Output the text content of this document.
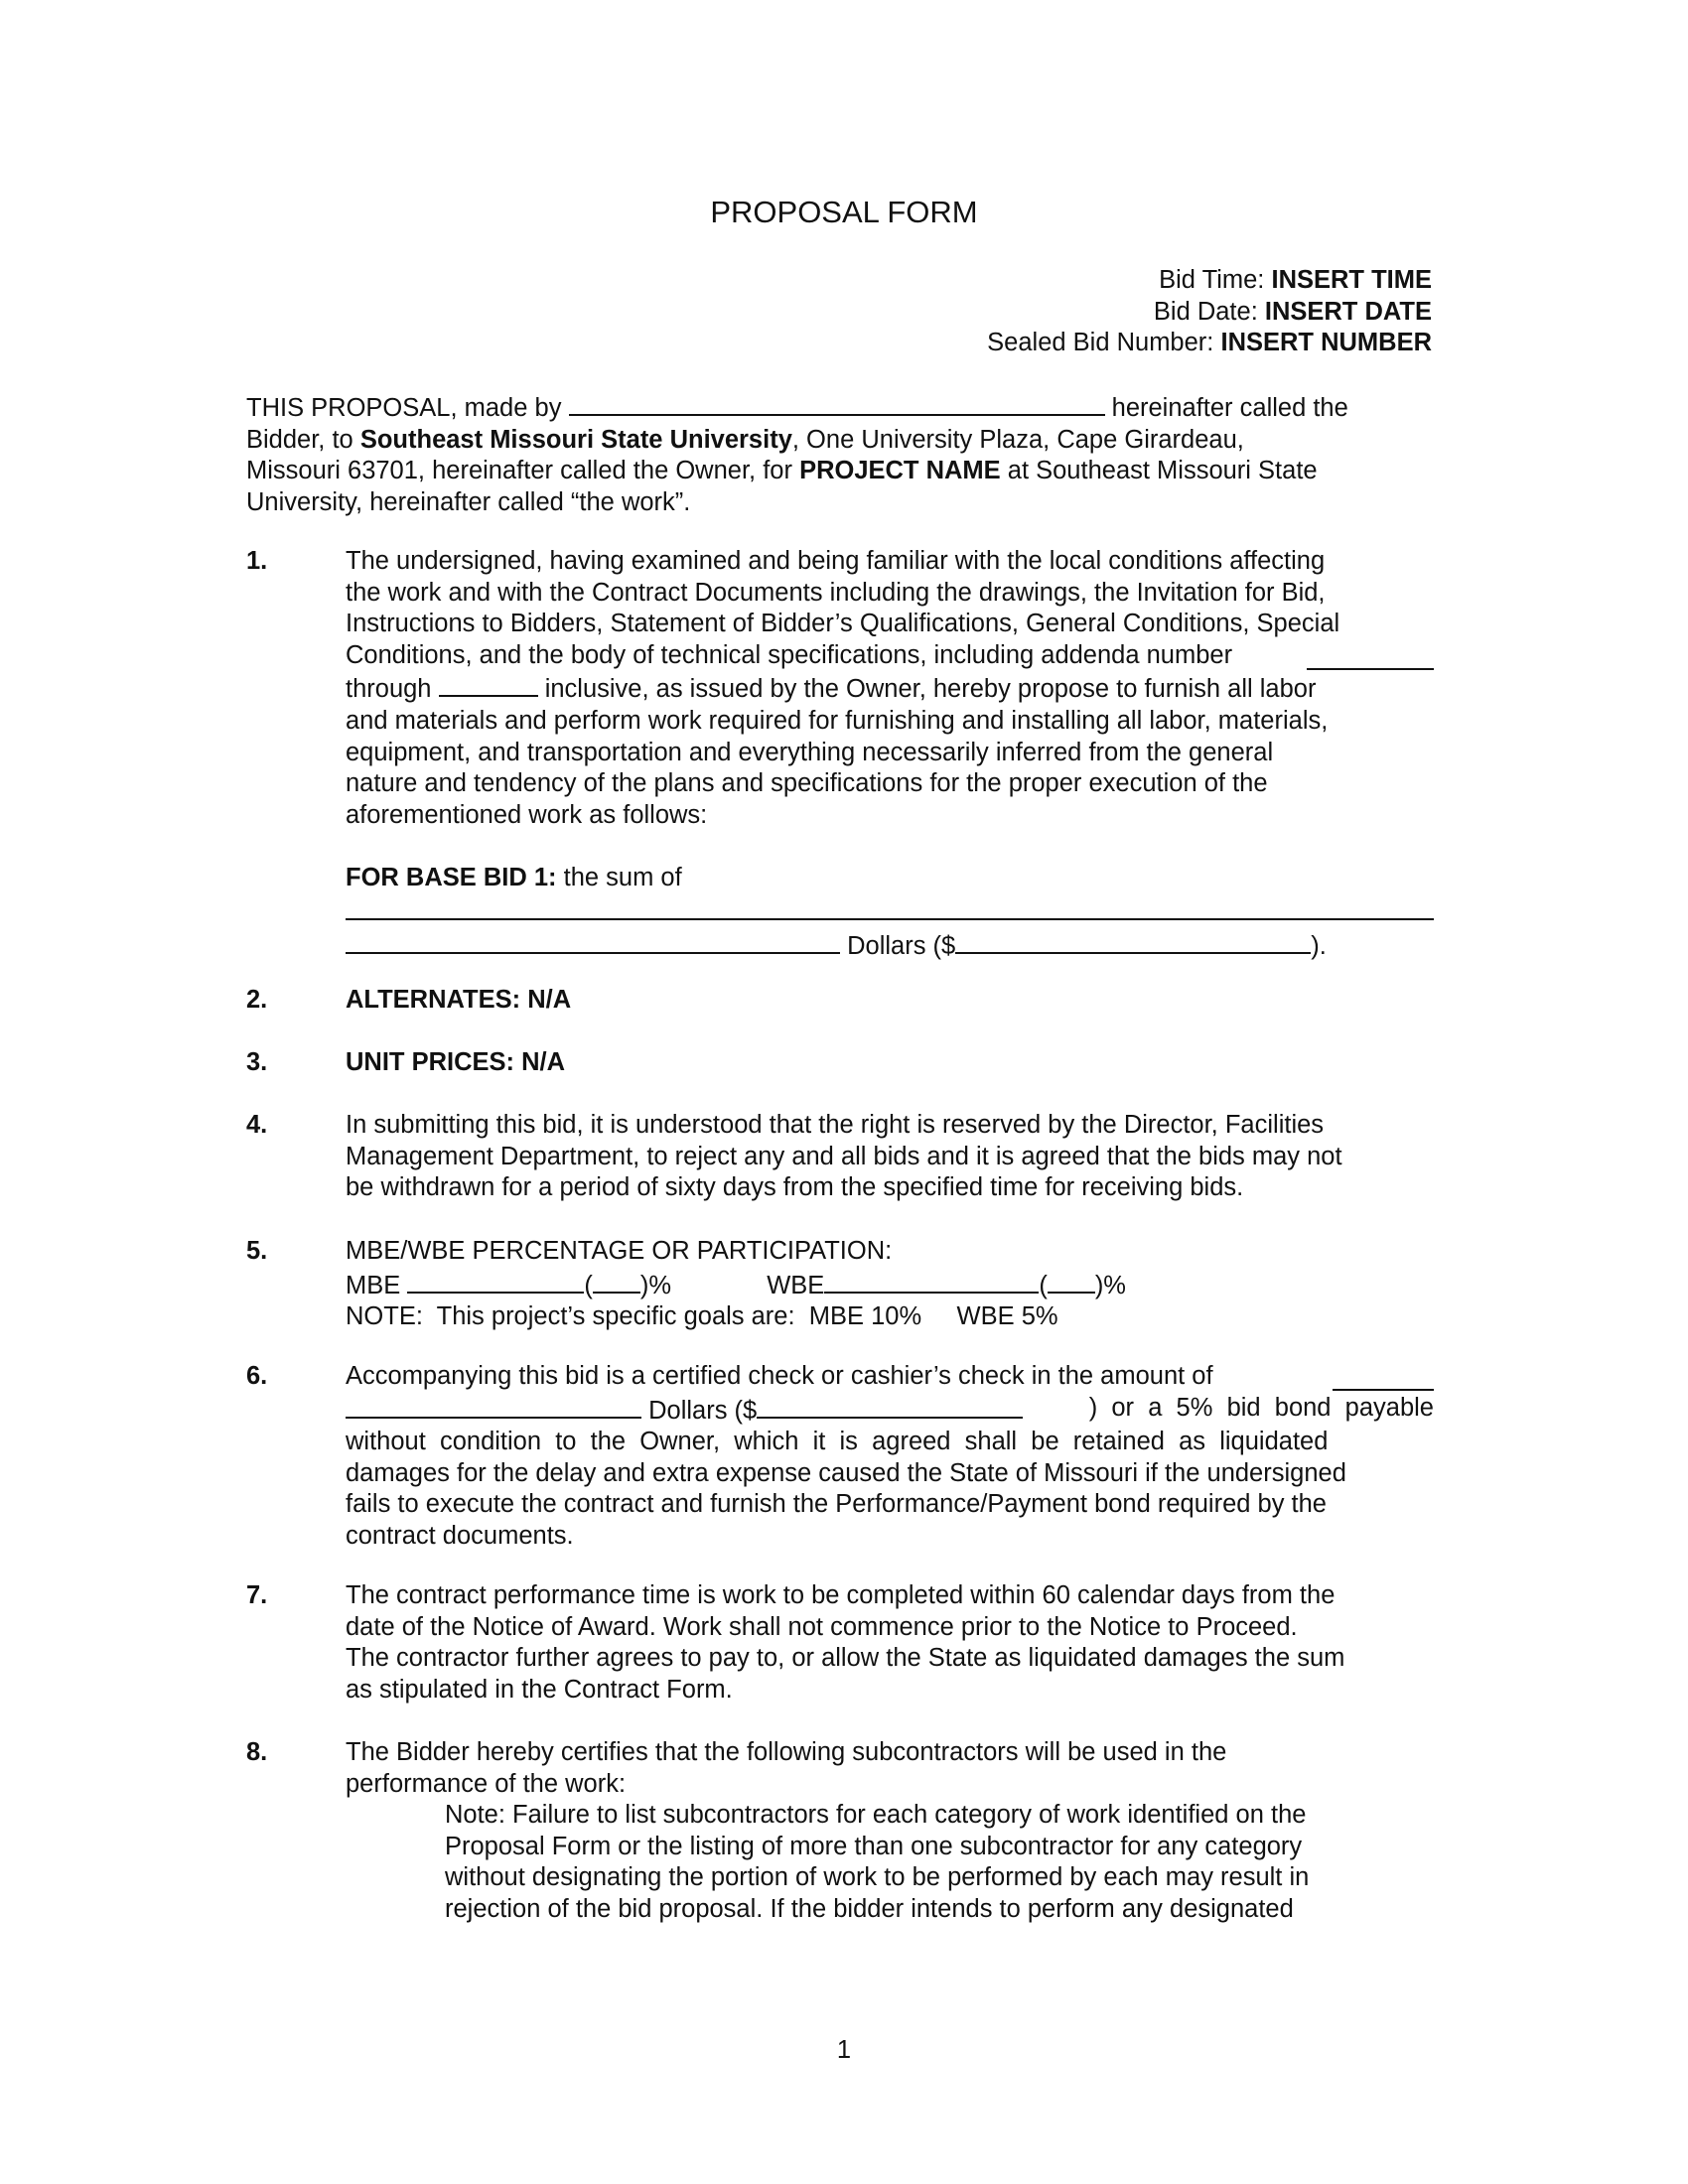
PROPOSAL FORM
Bid Time: INSERT TIME
Bid Date: INSERT DATE
Sealed Bid Number: INSERT NUMBER
THIS PROPOSAL, made by	hereinafter called the
Bidder, to Southeast Missouri State University, One University Plaza, Cape Girardeau,
Missouri 63701, hereinafter called the Owner, for PROJECT NAME at Southeast Missouri State
University, hereinafter called “the work”.
1.	The undersigned, having examined and being familiar with the local conditions affecting
the work and with the Contract Documents including the drawings, the Invitation for Bid,
Instructions to Bidders, Statement of Bidder’s Qualifications, General Conditions, Special
Conditions, and the body of technical specifications, including addenda number
through	inclusive, as issued by the Owner, hereby propose to furnish all labor
and materials and perform work required for furnishing and installing all labor, materials,
equipment, and transportation and everything necessarily inferred from the general
nature and tendency of the plans and specifications for the proper execution of the
aforementioned work as follows:
FOR BASE BID 1: the sum of
Dollars ($	).
2.	ALTERNATES: N/A
3.	UNIT PRICES: N/A
4.	In submitting this bid, it is understood that the right is reserved by the Director, Facilities
Management Department, to reject any and all bids and it is agreed that the bids may not
be withdrawn for a period of sixty days from the specified time for receiving bids.
5.	MBE/WBE PERCENTAGE OR PARTICIPATION:
MBE	( )%	WBE	( )%
NOTE:  This project’s specific goals are:  MBE 10%     WBE 5%
6.	Accompanying this bid is a certified check or cashier’s check in the amount of
Dollars ($	)  or  a  5%  bid  bond  payable
without  condition  to  the  Owner,  which  it  is  agreed  shall  be  retained  as  liquidated
damages for the delay and extra expense caused the State of Missouri if the undersigned
fails to execute the contract and furnish the Performance/Payment bond required by the
contract documents.
7.	The contract performance time is work to be completed within 60 calendar days from the
date of the Notice of Award. Work shall not commence prior to the Notice to Proceed.
The contractor further agrees to pay to, or allow the State as liquidated damages the sum
as stipulated in the Contract Form.
8.	The Bidder hereby certifies that the following subcontractors will be used in the
performance of the work:
Note: Failure to list subcontractors for each category of work identified on the
Proposal Form or the listing of more than one subcontractor for any category
without designating the portion of work to be performed by each may result in
rejection of the bid proposal. If the bidder intends to perform any designated
1
